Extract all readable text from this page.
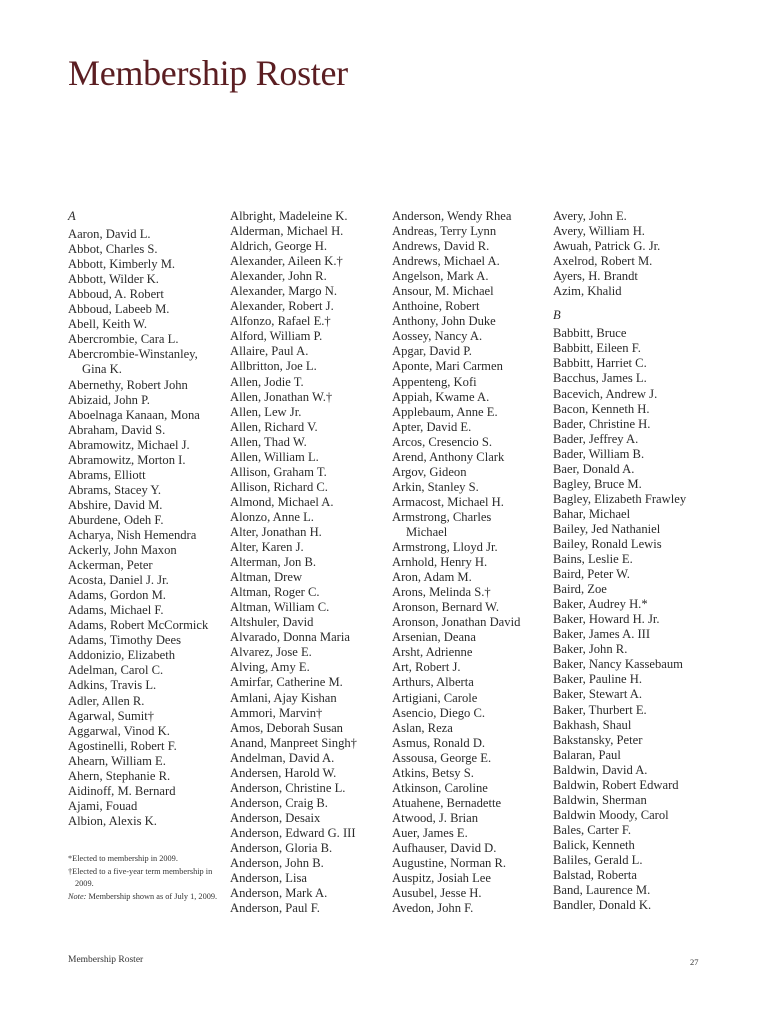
Membership Roster
A
Aaron, David L.
Abbot, Charles S.
Abbott, Kimberly M.
Abbott, Wilder K.
Abboud, A. Robert
Abboud, Labeeb M.
Abell, Keith W.
Abercrombie, Cara L.
Abercrombie-Winstanley,
Gina K.
Abernethy, Robert John
Abizaid, John P.
Aboelnaga Kanaan, Mona
Abraham, David S.
Abramowitz, Michael J.
Abramowitz, Morton I.
Abrams, Elliott
Abrams, Stacey Y.
Abshire, David M.
Aburdene, Odeh F.
Acharya, Nish Hemendra
Ackerly, John Maxon
Ackerman, Peter
Acosta, Daniel J. Jr.
Adams, Gordon M.
Adams, Michael F.
Adams, Robert McCormick
Adams, Timothy Dees
Addonizio, Elizabeth
Adelman, Carol C.
Adkins, Travis L.
Adler, Allen R.
Agarwal, Sumit†
Aggarwal, Vinod K.
Agostinelli, Robert F.
Ahearn, William E.
Ahern, Stephanie R.
Aidinoff, M. Bernard
Ajami, Fouad
Albion, Alexis K.
Albright, Madeleine K.
Alderman, Michael H.
Aldrich, George H.
Alexander, Aileen K.†
Alexander, John R.
Alexander, Margo N.
Alexander, Robert J.
Alfonzo, Rafael E.†
Alford, William P.
Allaire, Paul A.
Allbritton, Joe L.
Allen, Jodie T.
Allen, Jonathan W.†
Allen, Lew Jr.
Allen, Richard V.
Allen, Thad W.
Allen, William L.
Allison, Graham T.
Allison, Richard C.
Almond, Michael A.
Alonzo, Anne L.
Alter, Jonathan H.
Alter, Karen J.
Alterman, Jon B.
Altman, Drew
Altman, Roger C.
Altman, William C.
Altshuler, David
Alvarado, Donna Maria
Alvarez, Jose E.
Alving, Amy E.
Amirfar, Catherine M.
Amlani, Ajay Kishan
Ammori, Marvin†
Amos, Deborah Susan
Anand, Manpreet Singh†
Andelman, David A.
Andersen, Harold W.
Anderson, Christine L.
Anderson, Craig B.
Anderson, Desaix
Anderson, Edward G. III
Anderson, Gloria B.
Anderson, John B.
Anderson, Lisa
Anderson, Mark A.
Anderson, Paul F.
Anderson, Wendy Rhea
Andreas, Terry Lynn
Andrews, David R.
Andrews, Michael A.
Angelson, Mark A.
Ansour, M. Michael
Anthoine, Robert
Anthony, John Duke
Aossey, Nancy A.
Apgar, David P.
Aponte, Mari Carmen
Appenteng, Kofi
Appiah, Kwame A.
Applebaum, Anne E.
Apter, David E.
Arcos, Cresencio S.
Arend, Anthony Clark
Argov, Gideon
Arkin, Stanley S.
Armacost, Michael H.
Armstrong, Charles
Michael
Armstrong, Lloyd Jr.
Arnhold, Henry H.
Aron, Adam M.
Arons, Melinda S.†
Aronson, Bernard W.
Aronson, Jonathan David
Arsenian, Deana
Arsht, Adrienne
Art, Robert J.
Arthurs, Alberta
Artigiani, Carole
Asencio, Diego C.
Aslan, Reza
Asmus, Ronald D.
Assousa, George E.
Atkins, Betsy S.
Atkinson, Caroline
Atuahene, Bernadette
Atwood, J. Brian
Auer, James E.
Aufhauser, David D.
Augustine, Norman R.
Auspitz, Josiah Lee
Ausubel, Jesse H.
Avedon, John F.
Avery, John E.
Avery, William H.
Awuah, Patrick G. Jr.
Axelrod, Robert M.
Ayers, H. Brandt
Azim, Khalid
B
Babbitt, Bruce
Babbitt, Eileen F.
Babbitt, Harriet C.
Bacchus, James L.
Bacevich, Andrew J.
Bacon, Kenneth H.
Bader, Christine H.
Bader, Jeffrey A.
Bader, William B.
Baer, Donald A.
Bagley, Bruce M.
Bagley, Elizabeth Frawley
Bahar, Michael
Bailey, Jed Nathaniel
Bailey, Ronald Lewis
Bains, Leslie E.
Baird, Peter W.
Baird, Zoe
Baker, Audrey H.*
Baker, Howard H. Jr.
Baker, James A. III
Baker, John R.
Baker, Nancy Kassebaum
Baker, Pauline H.
Baker, Stewart A.
Baker, Thurbert E.
Bakhash, Shaul
Bakstansky, Peter
Balaran, Paul
Baldwin, David A.
Baldwin, Robert Edward
Baldwin, Sherman
Baldwin Moody, Carol
Bales, Carter F.
Balick, Kenneth
Baliles, Gerald L.
Balstad, Roberta
Band, Laurence M.
Bandler, Donald K.
*Elected to membership in 2009.
†Elected to a five-year term membership in 2009.
Note: Membership shown as of July 1, 2009.
Membership Roster	27
